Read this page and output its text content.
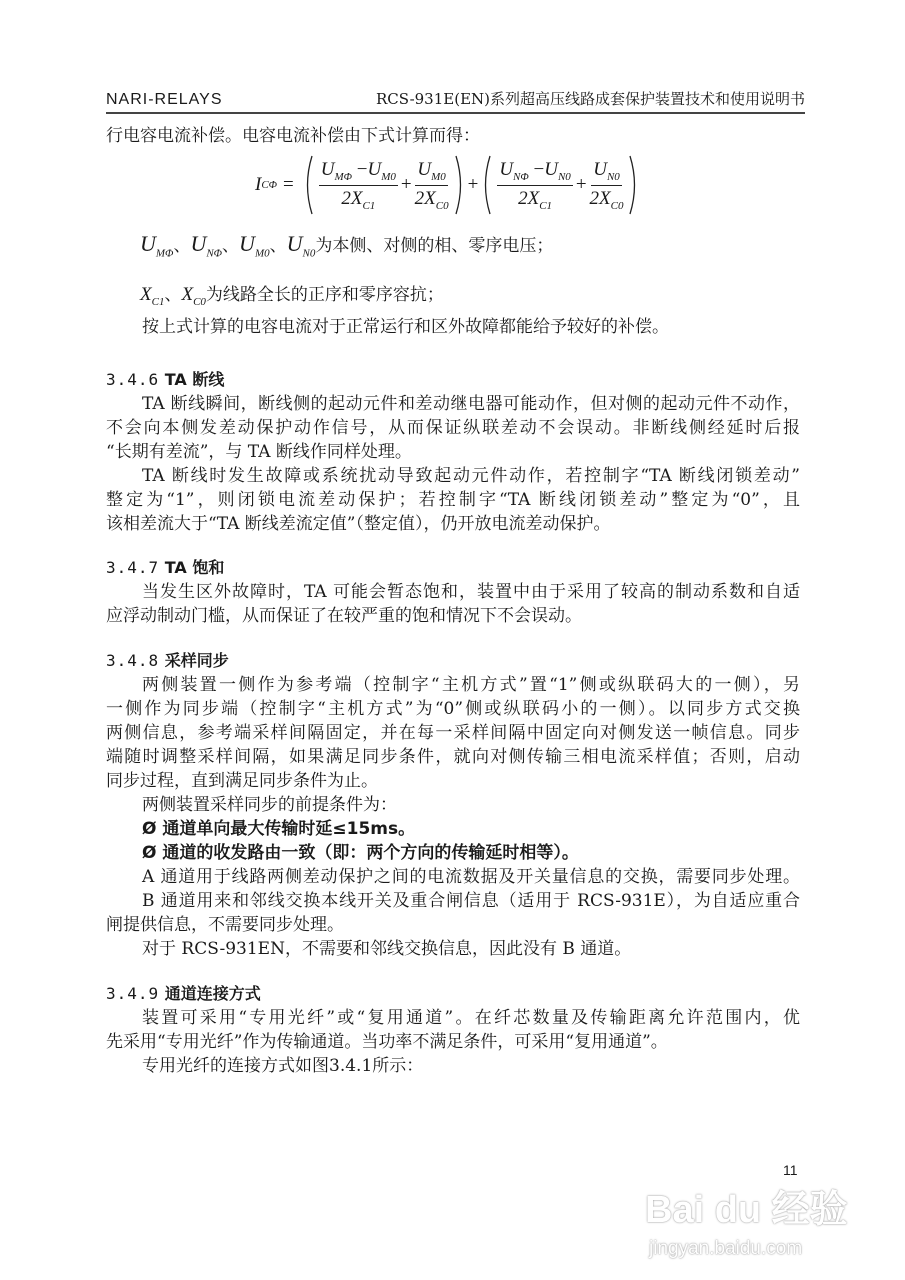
NARI-RELAYS	RCS-931E(EN)系列超高压线路成套保护装置技术和使用说明书
行电容电流补偿。电容电流补偿由下式计算而得：
I $C\Phi = \frac{U_{M\Phi} -U_{M0}}{2X_{C1}} + \frac{U_{M0}}{2X_{C0}} + \frac{U_{N\Phi} -U_{N0}}{2X_{C1}} + \frac{U_{N0}}{2X_{C0}}$
$U_{M\Phi}$、$U_{N\Phi}$、$U_{M0}$、$U_{N0}$为本侧、对侧的相、零序电压；
$X_{C1}$、$X_{C0}$为线路全长的正序和零序容抗；
按上式计算的电容电流对于正常运行和区外故障都能给予较好的补偿。
3.4.6 TA 断线
TA 断线瞬间，断线侧的起动元件和差动继电器可能动作，但对侧的起动元件不动作，
不会向本侧发差动保护动作信号，从而保证纵联差动不会误动。非断线侧经延时后报
“长期有差流”，与 TA 断线作同样处理。
TA 断线时发生故障或系统扰动导致起动元件动作，若控制字“TA 断线闭锁差动”
整定为“1”，则闭锁电流差动保护；若控制字“TA 断线闭锁差动”整定为“0”，且
该相差流大于“TA 断线差流定值”（整定值），仍开放电流差动保护。
3.4.7 TA 饱和
当发生区外故障时，TA 可能会暂态饱和，装置中由于采用了较高的制动系数和自适
应浮动制动门槛，从而保证了在较严重的饱和情况下不会误动。
3.4.8 采样同步
两侧装置一侧作为参考端（控制字“主机方式”置“1”侧或纵联码大的一侧），另
一侧作为同步端（控制字“主机方式”为“0”侧或纵联码小的一侧）。以同步方式交换
两侧信息，参考端采样间隔固定，并在每一采样间隔中固定向对侧发送一帧信息。同步
端随时调整采样间隔，如果满足同步条件，就向对侧传输三相电流采样值；否则，启动
同步过程，直到满足同步条件为止。
两侧装置采样同步的前提条件为：
Ø 通道单向最大传输时延≤15ms。
Ø 通道的收发路由一致（即：两个方向的传输延时相等）。
A 通道用于线路两侧差动保护之间的电流数据及开关量信息的交换，需要同步处理。
B 通道用来和邻线交换本线开关及重合闸信息（适用于 RCS-931E），为自适应重合
闸提供信息，不需要同步处理。
对于 RCS-931EN，不需要和邻线交换信息，因此没有 B 通道。
3.4.9 通道连接方式
装置可采用“专用光纤”或“复用通道”。在纤芯数量及传输距离允许范围内，优
先采用“专用光纤”作为传输通道。当功率不满足条件，可采用“复用通道”。
专用光纤的连接方式如图3.4.1所示：
11
Bai du 经验
jingyan.baidu.com
